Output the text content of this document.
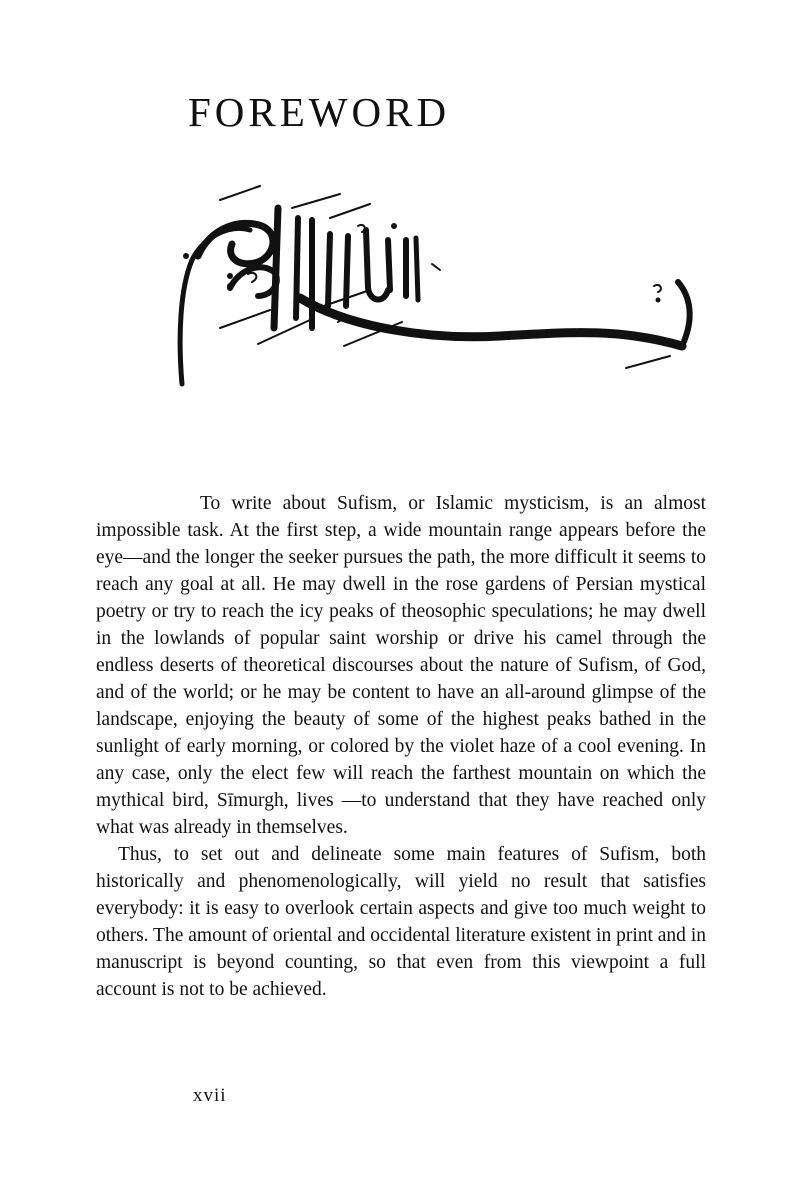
FOREWORD

To write about Sufism, or Islamic mysticism, is an almost impossible task. At the first step, a wide mountain range appears before the eye—and the longer the seeker pursues the path, the more difficult it seems to reach any goal at all. He may dwell in the rose gardens of Persian mystical poetry or try to reach the icy peaks of theosophic speculations; he may dwell in the lowlands of popular saint worship or drive his camel through the endless deserts of theoretical discourses about the nature of Sufism, of God, and of the world; or he may be content to have an all-around glimpse of the landscape, enjoying the beauty of some of the highest peaks bathed in the sunlight of early morning, or colored by the violet haze of a cool evening. In any case, only the elect few will reach the farthest mountain on which the mythical bird, Sīmurgh, lives —to understand that they have reached only what was already in themselves.

Thus, to set out and delineate some main features of Sufism, both historically and phenomenologically, will yield no result that satisfies everybody: it is easy to overlook certain aspects and give too much weight to others. The amount of oriental and occidental literature existent in print and in manuscript is beyond counting, so that even from this viewpoint a full account is not to be achieved.

xvii
